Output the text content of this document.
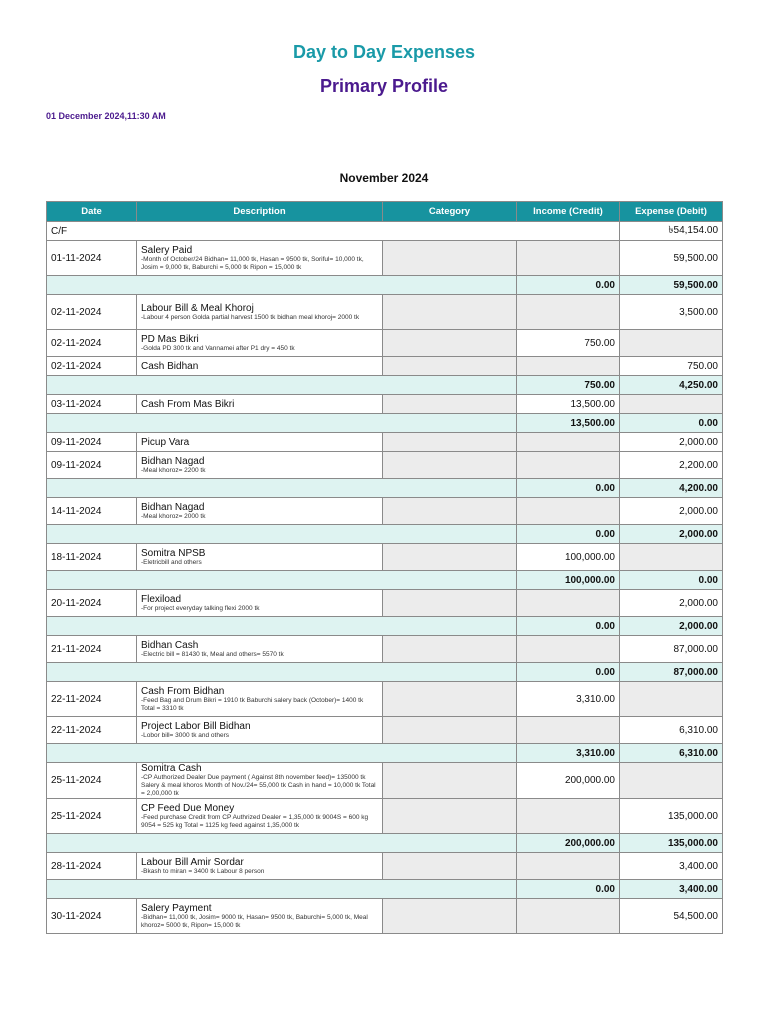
Day to Day Expenses
Primary Profile
01 December 2024,11:30 AM
November 2024
Date	Description	Category	Income (Credit)	Expense (Debit)
C/F				৳54,154.00
01-11-2024	Salery Paid
-Month of October/24 Bidhan= 11,000 tk, Hasan = 9500 tk, Soriful= 10,000 tk, Josim = 9,000 tk, Baburchi = 5,000 tk Ripon = 15,000 tk			59,500.00
			0.00	59,500.00
02-11-2024	Labour Bill & Meal Khoroj
-Labour 4 person Golda partial harvest 1500 tk bidhan meal khoroj= 2000 tk			3,500.00
02-11-2024	PD Mas Bikri
-Golda PD 300 tk and Vannamei after P1 dry = 450 tk		750.00	
02-11-2024	Cash Bidhan			750.00
			750.00	4,250.00
03-11-2024	Cash From Mas Bikri		13,500.00	
			13,500.00	0.00
09-11-2024	Picup Vara			2,000.00
09-11-2024	Bidhan Nagad
-Meal khoroz= 2200 tk			2,200.00
			0.00	4,200.00
14-11-2024	Bidhan Nagad
-Meal khoroz= 2000 tk			2,000.00
			0.00	2,000.00
18-11-2024	Somitra NPSB
-Eletricbill and others		100,000.00	
			100,000.00	0.00
20-11-2024	Flexiload
-For project everyday talking flexi 2000 tk			2,000.00
			0.00	2,000.00
21-11-2024	Bidhan Cash
-Electric bill = 81430 tk, Meal and others= 5570 tk			87,000.00
			0.00	87,000.00
22-11-2024	Cash From Bidhan
-Feed Bag and Drum Bikri = 1910 tk Baburchi salery back (October)= 1400 tk Total = 3310 tk		3,310.00	
22-11-2024	Project Labor Bill Bidhan
-Lobor bill= 3000 tk and others			6,310.00
			3,310.00	6,310.00
25-11-2024	Somitra Cash
-CP Authorized Dealer Due payment ( Against 8th november feed)= 135000 tk Salery & meal khoros Month of Nov./24= 55,000 tk Cash in hand = 10,000 tk Total = 2,00,000 tk		200,000.00	
25-11-2024	CP Feed Due Money
-Feed purchase Credit from CP Authrized Dealer = 1,35,000 tk 9004S = 600 kg 9054 = 525 kg Total = 1125 kg feed against 1,35,000 tk			135,000.00
			200,000.00	135,000.00
28-11-2024	Labour Bill Amir Sordar
-Bkash to miran = 3400 tk Labour 8 person			3,400.00
			0.00	3,400.00
30-11-2024	Salery Payment
-Bidhan= 11,000 tk, Josim= 9000 tk, Hasan= 9500 tk, Baburchi= 5,000 tk, Meal khoroz= 5000 tk, Ripon= 15,000 tk			54,500.00
